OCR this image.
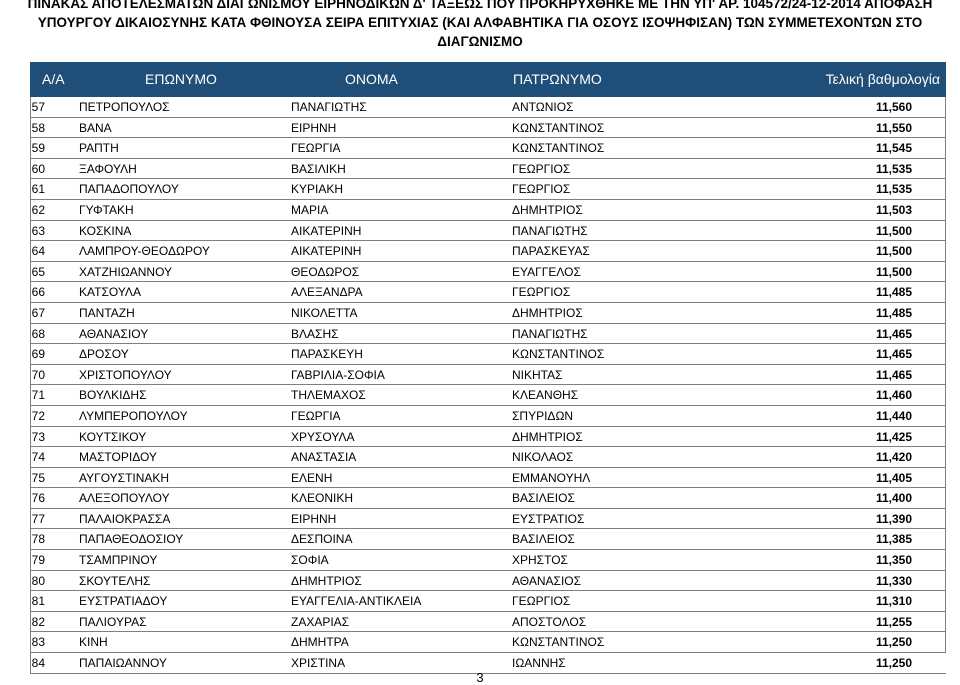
ΠΙΝΑΚΑΣ ΑΠΟΤΕΛΕΣΜΑΤΩΝ ΔΙΑΓΩΝΙΣΜΟΥ ΕΙΡΗΝΟΔΙΚΩΝ Δ' ΤΑΞΕΩΣ ΠΟΥ ΠΡΟΚΗΡΥΧΘΗΚΕ ΜΕ ΤΗΝ ΥΠ' ΑΡ. 104572/24-12-2014 ΑΠΟΦΑΣΗ
ΥΠΟΥΡΓΟΥ ΔΙΚΑΙΟΣΥΝΗΣ ΚΑΤΑ ΦΘΙΝΟΥΣΑ ΣΕΙΡΑ ΕΠΙΤΥΧΙΑΣ (ΚΑΙ ΑΛΦΑΒΗΤΙΚΑ ΓΙΑ ΟΣΟΥΣ ΙΣΟΨΗΦΙΣΑΝ) ΤΩΝ ΣΥΜΜΕΤΕΧΟΝΤΩΝ ΣΤΟ
ΔΙΑΓΩΝΙΣΜΟ
Α/Α	ΕΠΩΝΥΜΟ	ΟΝΟΜΑ	ΠΑΤΡΩΝΥΜΟ	Τελική βαθμολογία
57	ΠΕΤΡΟΠΟΥΛΟΣ	ΠΑΝΑΓΙΩΤΗΣ	ΑΝΤΩΝΙΟΣ	11,560
58	ΒΑΝΑ	ΕΙΡΗΝΗ	ΚΩΝΣΤΑΝΤΙΝΟΣ	11,550
59	ΡΑΠΤΗ	ΓΕΩΡΓΙΑ	ΚΩΝΣΤΑΝΤΙΝΟΣ	11,545
60	ΞΑΦΟΥΛΗ	ΒΑΣΙΛΙΚΗ	ΓΕΩΡΓΙΟΣ	11,535
61	ΠΑΠΑΔΟΠΟΥΛΟΥ	ΚΥΡΙΑΚΗ	ΓΕΩΡΓΙΟΣ	11,535
62	ΓΥΦΤΑΚΗ	ΜΑΡΙΑ	ΔΗΜΗΤΡΙΟΣ	11,503
63	ΚΟΣΚΙΝΑ	ΑΙΚΑΤΕΡΙΝΗ	ΠΑΝΑΓΙΩΤΗΣ	11,500
64	ΛΑΜΠΡΟΥ-ΘΕΟΔΩΡΟΥ	ΑΙΚΑΤΕΡΙΝΗ	ΠΑΡΑΣΚΕΥΑΣ	11,500
65	ΧΑΤΖΗΙΩΑΝΝΟΥ	ΘΕΟΔΩΡΟΣ	ΕΥΑΓΓΕΛΟΣ	11,500
66	ΚΑΤΣΟΥΛΑ	ΑΛΕΞΑΝΔΡΑ	ΓΕΩΡΓΙΟΣ	11,485
67	ΠΑΝΤΑΖΗ	ΝΙΚΟΛΕΤΤΑ	ΔΗΜΗΤΡΙΟΣ	11,485
68	ΑΘΑΝΑΣΙΟΥ	ΒΛΑΣΗΣ	ΠΑΝΑΓΙΩΤΗΣ	11,465
69	ΔΡΟΣΟΥ	ΠΑΡΑΣΚΕΥΗ	ΚΩΝΣΤΑΝΤΙΝΟΣ	11,465
70	ΧΡΙΣΤΟΠΟΥΛΟΥ	ΓΑΒΡΙΛΙΑ-ΣΟΦΙΑ	ΝΙΚΗΤΑΣ	11,465
71	ΒΟΥΛΚΙΔΗΣ	ΤΗΛΕΜΑΧΟΣ	ΚΛΕΑΝΘΗΣ	11,460
72	ΛΥΜΠΕΡΟΠΟΥΛΟΥ	ΓΕΩΡΓΙΑ	ΣΠΥΡΙΔΩΝ	11,440
73	ΚΟΥΤΣΙΚΟΥ	ΧΡΥΣΟΥΛΑ	ΔΗΜΗΤΡΙΟΣ	11,425
74	ΜΑΣΤΟΡΙΔΟΥ	ΑΝΑΣΤΑΣΙΑ	ΝΙΚΟΛΑΟΣ	11,420
75	ΑΥΓΟΥΣΤΙΝΑΚΗ	ΕΛΕΝΗ	ΕΜΜΑΝΟΥΗΛ	11,405
76	ΑΛΕΞΟΠΟΥΛΟΥ	ΚΛΕΟΝΙΚΗ	ΒΑΣΙΛΕΙΟΣ	11,400
77	ΠΑΛΑΙΟΚΡΑΣΣΑ	ΕΙΡΗΝΗ	ΕΥΣΤΡΑΤΙΟΣ	11,390
78	ΠΑΠΑΘΕΟΔΟΣΙΟΥ	ΔΕΣΠΟΙΝΑ	ΒΑΣΙΛΕΙΟΣ	11,385
79	ΤΣΑΜΠΡΙΝΟΥ	ΣΟΦΙΑ	ΧΡΗΣΤΟΣ	11,350
80	ΣΚΟΥΤΕΛΗΣ	ΔΗΜΗΤΡΙΟΣ	ΑΘΑΝΑΣΙΟΣ	11,330
81	ΕΥΣΤΡΑΤΙΑΔΟΥ	ΕΥΑΓΓΕΛΙΑ-ΑΝΤΙΚΛΕΙΑ	ΓΕΩΡΓΙΟΣ	11,310
82	ΠΑΛΙΟΥΡΑΣ	ΖΑΧΑΡΙΑΣ	ΑΠΟΣΤΟΛΟΣ	11,255
83	ΚΙΝΗ	ΔΗΜΗΤΡΑ	ΚΩΝΣΤΑΝΤΙΝΟΣ	11,250
84	ΠΑΠΑΙΩΑΝΝΟΥ	ΧΡΙΣΤΙΝΑ	ΙΩΑΝΝΗΣ	11,250
3
